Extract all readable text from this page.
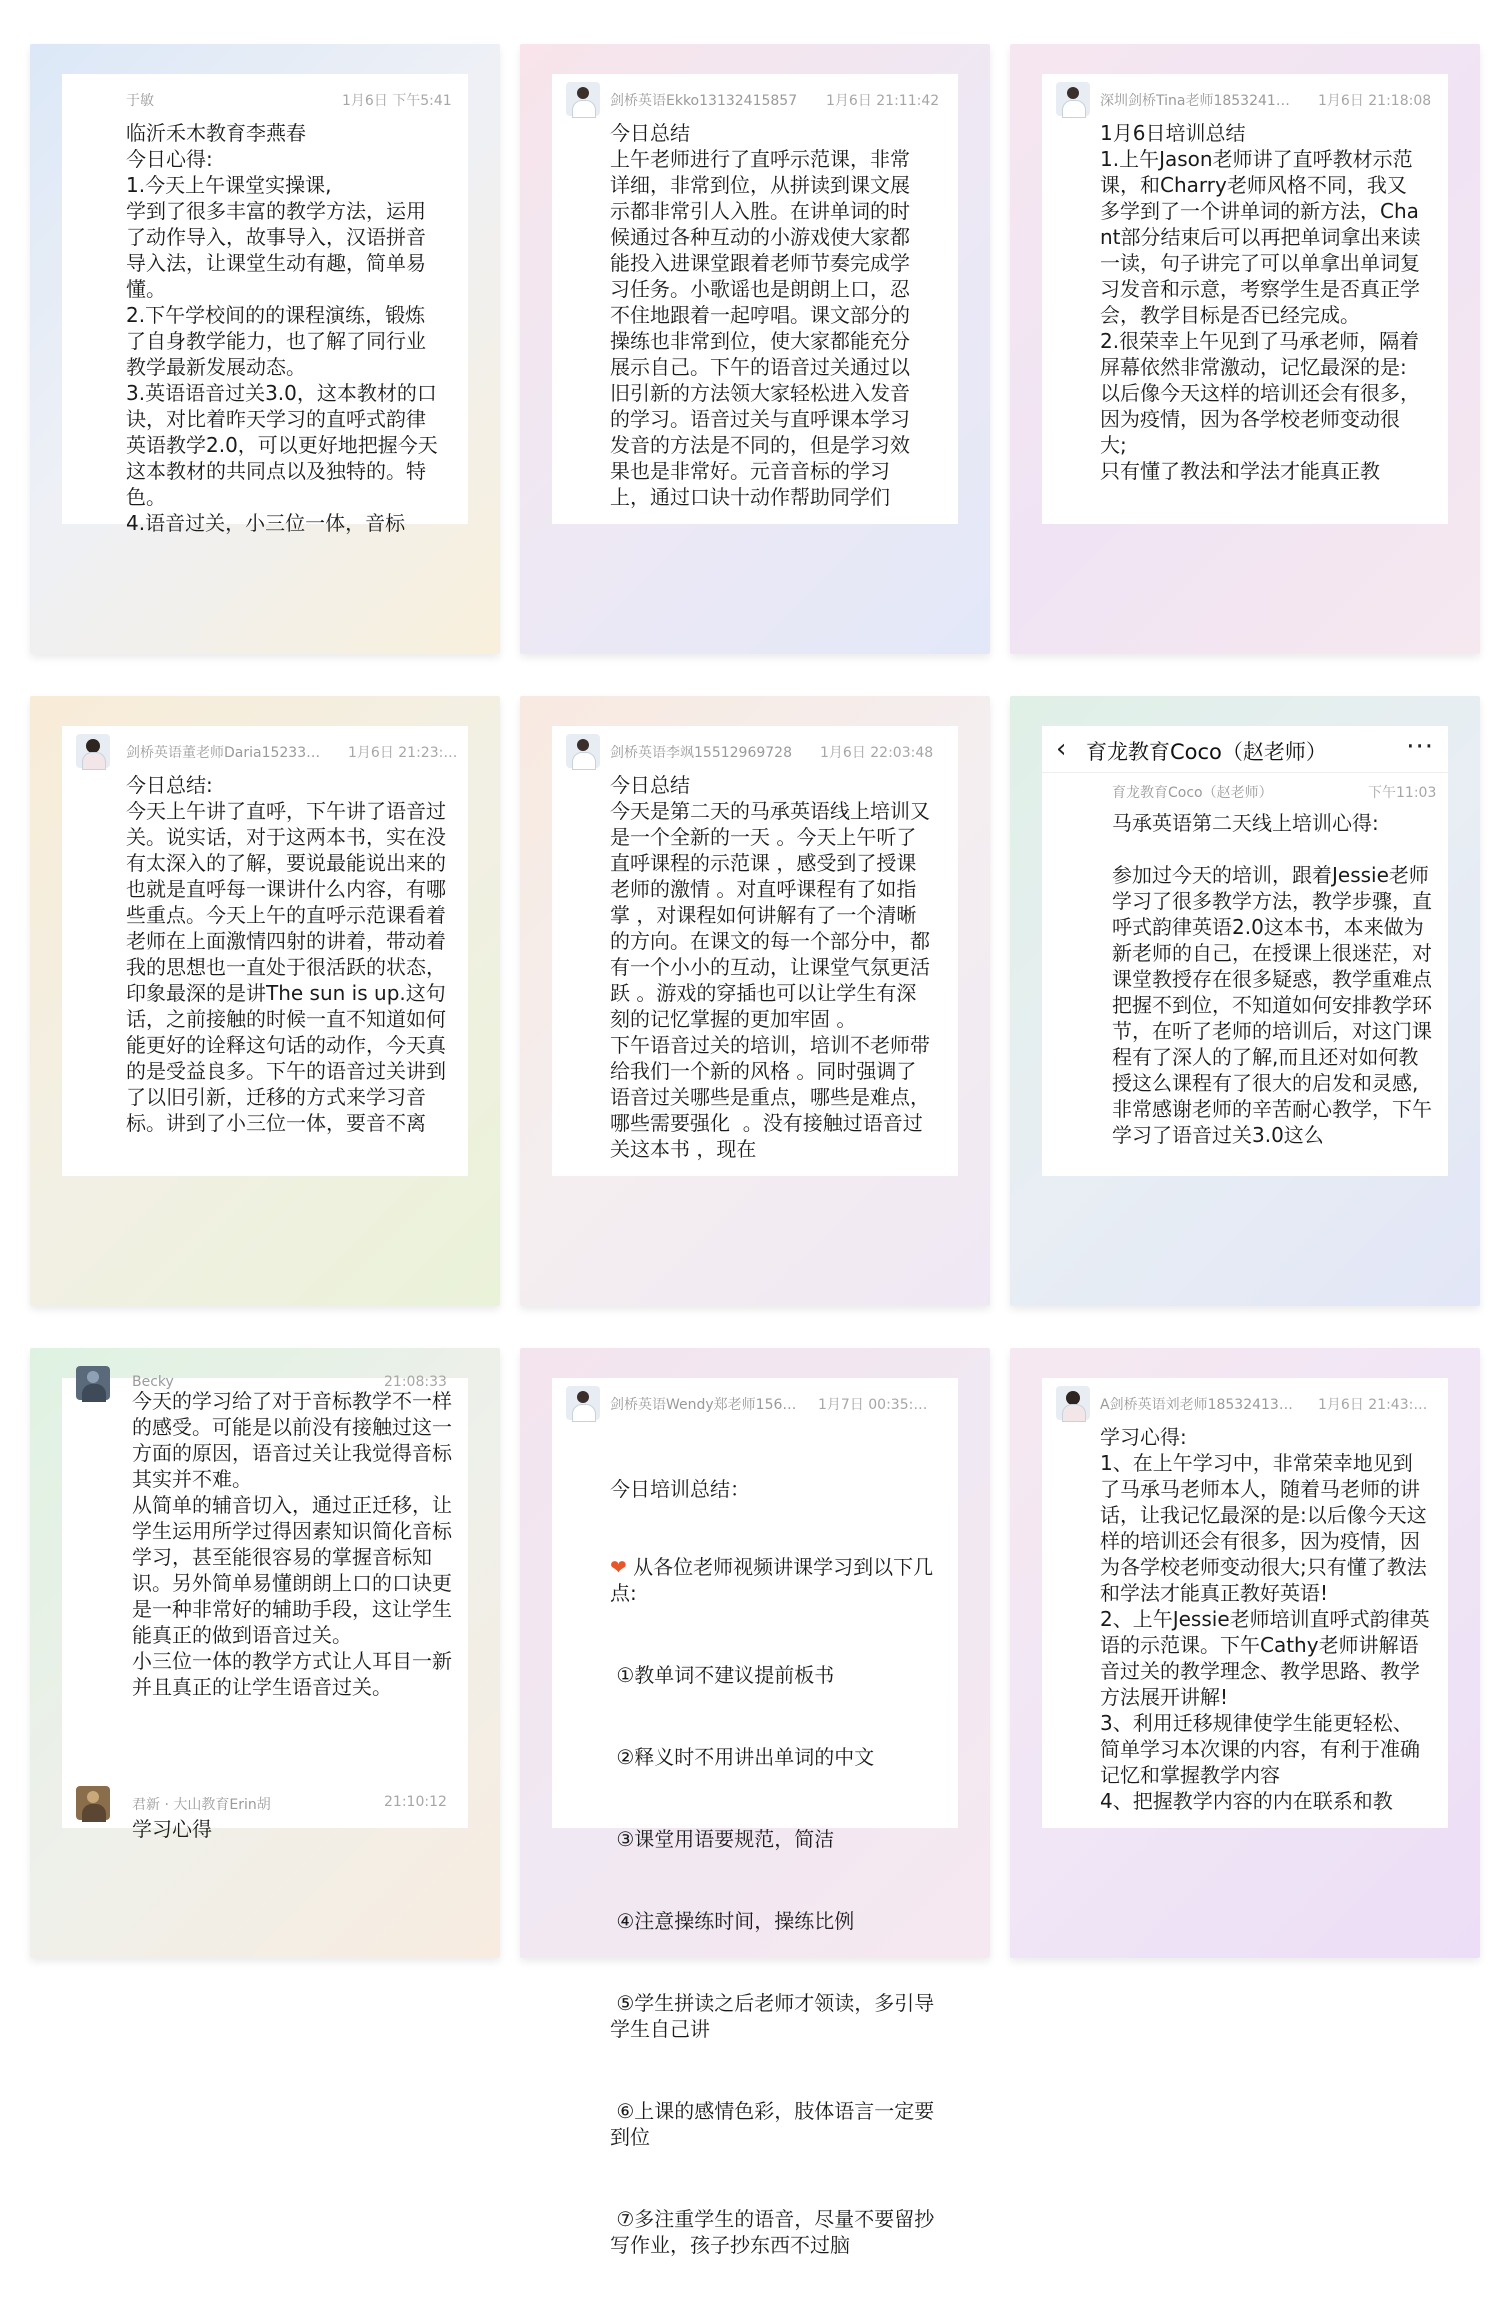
于敏	1月6日 下午5:41
临沂禾木教育李燕春
今日心得:
1.今天上午课堂实操课,
学到了很多丰富的教学方法，运用了动作导入，故事导入，汉语拼音导入法，让课堂生动有趣，简单易懂。
2.下午学校间的的课程演练，锻炼了自身教学能力，也了解了同行业教学最新发展动态。
3.英语语音过关3.0，这本教材的口诀，对比着昨天学习的直呼式韵律英语教学2.0，可以更好地把握今天这本教材的共同点以及独特的。特色。
4.语音过关，小三位一体，音标
剑桥英语Ekko13132415857	1月6日 21:11:42
今日总结
上午老师进行了直呼示范课，非常详细，非常到位，从拼读到课文展示都非常引人入胜。在讲单词的时候通过各种互动的小游戏使大家都能投入进课堂跟着老师节奏完成学习任务。小歌谣也是朗朗上口，忍不住地跟着一起哼唱。课文部分的操练也非常到位，使大家都能充分展示自己。下午的语音过关通过以旧引新的方法领大家轻松进入发音的学习。语音过关与直呼课本学习发音的方法是不同的，但是学习效果也是非常好。元音音标的学习上，通过口诀十动作帮助同学们
深圳剑桥Tina老师1853241…	1月6日 21:18:08
1月6日培训总结
1.上午Jason老师讲了直呼教材示范课，和Charry老师风格不同，我又多学到了一个讲单词的新方法，Chant部分结束后可以再把单词拿出来读一读，句子讲完了可以单拿出单词复习发音和示意，考察学生是否真正学会，教学目标是否已经完成。
2.很荣幸上午见到了马承老师，隔着屏幕依然非常激动，记忆最深的是:
以后像今天这样的培训还会有很多，因为疫情，因为各学校老师变动很大;
只有懂了教法和学法才能真正教
剑桥英语董老师Daria15233…	1月6日 21:23:…
今日总结:
今天上午讲了直呼，下午讲了语音过关。说实话，对于这两本书，实在没有太深入的了解，要说最能说出来的也就是直呼每一课讲什么内容，有哪些重点。今天上午的直呼示范课看着老师在上面激情四射的讲着，带动着我的思想也一直处于很活跃的状态，印象最深的是讲The sun is up.这句话，之前接触的时候一直不知道如何能更好的诠释这句话的动作，今天真的是受益良多。下午的语音过关讲到了以旧引新，迁移的方式来学习音标。讲到了小三位一体，要音不离
剑桥英语李飒15512969728	1月6日 22:03:48
今日总结
今天是第二天的马承英语线上培训又是一个全新的一天 。今天上午听了直呼课程的示范课 ，感受到了授课老师的激情 。对直呼课程有了如指掌 ，对课程如何讲解有了一个清晰的方向。在课文的每一个部分中，都有一个小小的互动，让课堂气氛更活跃 。游戏的穿插也可以让学生有深刻的记忆掌握的更加牢固 。
下午语音过关的培训，培训不老师带给我们一个新的风格 。同时强调了语音过关哪些是重点，哪些是难点，  哪些需要强化  。没有接触过语音过关这本书 ，现在
‹ 育龙教育Coco（赵老师）	···
育龙教育Coco（赵老师）	下午11:03
马承英语第二天线上培训心得:

参加过今天的培训，跟着Jessie老师学习了很多教学方法，教学步骤，直呼式韵律英语2.0这本书，本来做为新老师的自己，在授课上很迷茫，对课堂教授存在很多疑惑，教学重难点把握不到位，不知道如何安排教学环节，在听了老师的培训后，对这门课程有了深人的了解,而且还对如何教授这么课程有了很大的启发和灵感,非常感谢老师的辛苦耐心教学，下午学习了语音过关3.0这么
Becky	21:08:33
今天的学习给了对于音标教学不一样的感受。可能是以前没有接触过这一方面的原因，语音过关让我觉得音标其实并不难。
从简单的辅音切入，通过正迁移，让学生运用所学过得因素知识简化音标学习，甚至能很容易的掌握音标知识。另外简单易懂朗朗上口的口诀更是一种非常好的辅助手段，这让学生能真正的做到语音过关。
小三位一体的教学方式让人耳目一新并且真正的让学生语音过关。
君新 · 大山教育Erin胡	21:10:12
学习心得
剑桥英语Wendy郑老师156…	1月7日 00:35:…

今日培训总结：

❤ 从各位老师视频讲课学习到以下几点:

①教单词不建议提前板书

②释义时不用讲出单词的中文

③课堂用语要规范，简洁

④注意操练时间，操练比例

⑤学生拼读之后老师才领读，多引导学生自己讲

⑥上课的感情色彩，肢体语言一定要到位

⑦多注重学生的语音，尽量不要留抄写作业，孩子抄东西不过脑

A剑桥英语刘老师18532413…	1月6日 21:43:…
学习心得:
1、在上午学习中，非常荣幸地见到了马承马老师本人，随着马老师的讲话，让我记忆最深的是:以后像今天这样的培训还会有很多，因为疫情，因为各学校老师变动很大;只有懂了教法和学法才能真正教好英语!
2、上午Jessie老师培训直呼式韵律英语的示范课。下午Cathy老师讲解语音过关的教学理念、教学思路、教学方法展开讲解!
3、利用迁移规律使学生能更轻松、简单学习本次课的内容，有利于准确记忆和掌握教学内容
4、把握教学内容的内在联系和教
